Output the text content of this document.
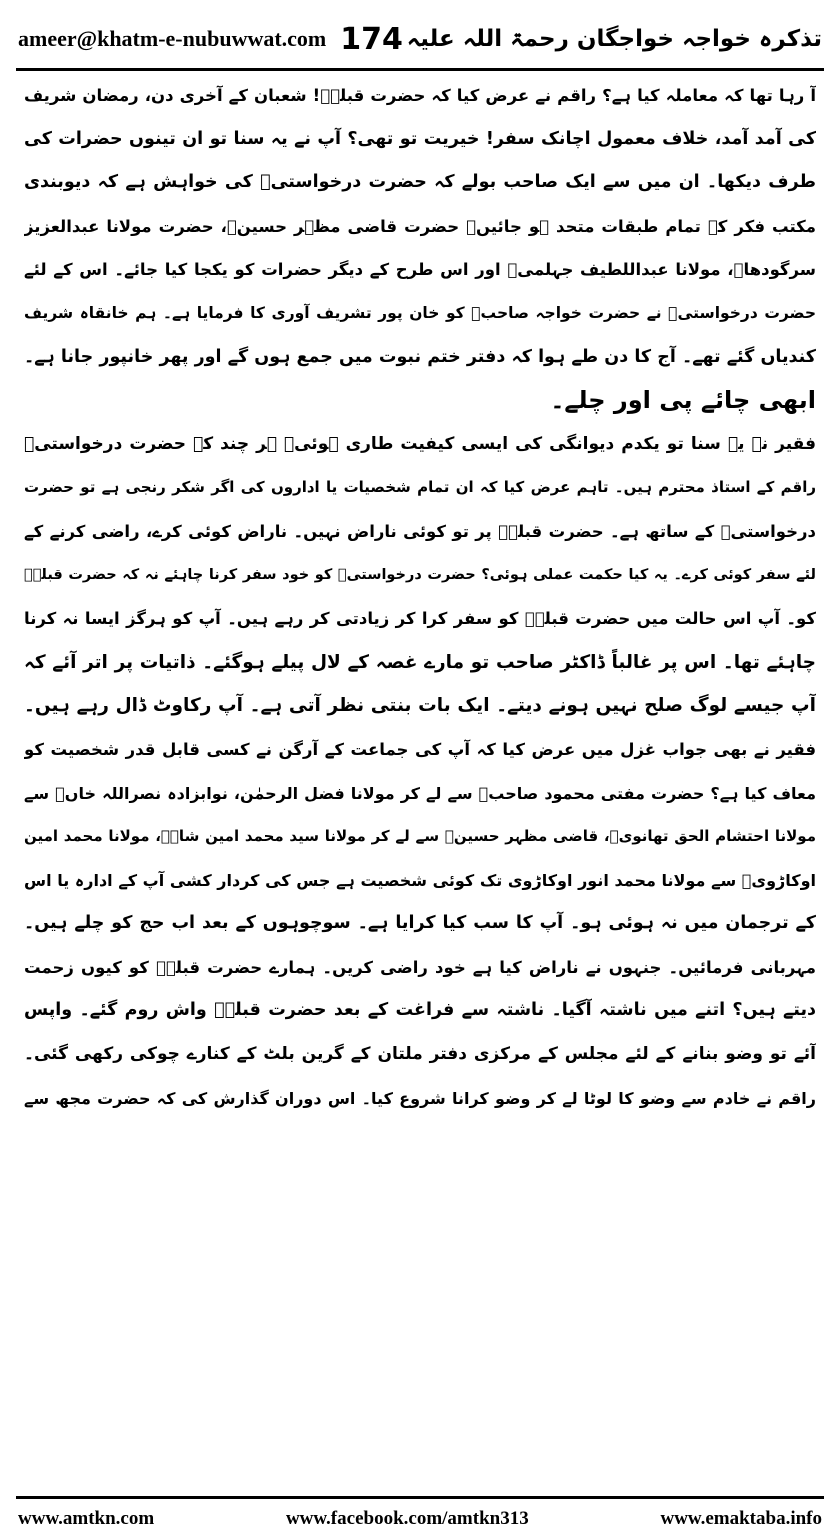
ameer@khatm-e-nubuwwat.com 174 تذکرہ خواجہ خواجگان رحمۃ اللہ علیہ
آ رہا تھا کہ معاملہ کیا ہے؟ راقم نے عرض کیا کہ حضرت قبلہؒ! شعبان کے آخری دن، رمضان شریف
کی آمد آمد، خلاف معمول اچانک سفر! خیریت تو تھی؟ آپ نے یہ سنا تو ان تینوں حضرات کی
طرف دیکھا۔ ان میں سے ایک صاحب بولے کہ حضرت درخواستیؒ کی خواہش ہے کہ دیوبندی
مکتب فکر کے تمام طبقات متحد ہو جائیں۔ حضرت قاضی مظہر حسینؒ، حضرت مولانا عبدالعزیز
سرگودھاؒ، مولانا عبداللطیف جہلمیؒ اور اس طرح کے دیگر حضرات کو یکجا کیا جائے۔ اس کے لئے
حضرت درخواستیؒ نے حضرت خواجہ صاحبؒ کو خان پور تشریف آوری کا فرمایا ہے۔ ہم خانقاہ شریف
کندیاں گئے تھے۔ آج کا دن طے ہوا کہ دفتر ختم نبوت میں جمع ہوں گے اور پھر خانپور جانا ہے۔
ابھی چائے پی اور چلے۔
فقیر نے یہ سنا تو یکدم دیوانگی کی ایسی کیفیت طاری ہوئی۔ ہر چند کہ حضرت درخواستیؒ
راقم کے استاذ محترم ہیں۔ تاہم عرض کیا کہ ان تمام شخصیات یا اداروں کی اگر شکر رنجی ہے تو حضرت
درخواستیؒ کے ساتھ ہے۔ حضرت قبلہؒ پر تو کوئی ناراض نہیں۔ ناراض کوئی کرے، راضی کرنے کے
لئے سفر کوئی کرے۔ یہ کیا حکمت عملی ہوئی؟ حضرت درخواستیؒ کو خود سفر کرنا چاہئے نہ کہ حضرت قبلہؒ
کو۔ آپ اس حالت میں حضرت قبلہؒ کو سفر کرا کر زیادتی کر رہے ہیں۔ آپ کو ہرگز ایسا نہ کرنا
چاہئے تھا۔ اس پر غالباً ڈاکٹر صاحب تو مارے غصہ کے لال پیلے ہوگئے۔ ذاتیات پر اتر آئے کہ
آپ جیسے لوگ صلح نہیں ہونے دیتے۔ ایک بات بنتی نظر آتی ہے۔ آپ رکاوٹ ڈال رہے ہیں۔
فقیر نے بھی جواب غزل میں عرض کیا کہ آپ کی جماعت کے آرگن نے کسی قابل قدر شخصیت کو
معاف کیا ہے؟ حضرت مفتی محمود صاحبؒ سے لے کر مولانا فضل الرحمٰن، نوابزادہ نصراللہ خاںؒ سے
مولانا احتشام الحق تھانویؒ، قاضی مظہر حسینؒ سے لے کر مولانا سید محمد امین شاہؒ، مولانا محمد امین
اوکاڑویؒ سے مولانا محمد انور اوکاڑوی تک کوئی شخصیت ہے جس کی کردار کشی آپ کے ادارہ یا اس
کے ترجمان میں نہ ہوئی ہو۔ آپ کا سب کیا کرایا ہے۔ سوچوہوں کے بعد اب حج کو چلے ہیں۔
مہربانی فرمائیں۔ جنہوں نے ناراض کیا ہے خود راضی کریں۔ ہمارے حضرت قبلہؒ کو کیوں زحمت
دیتے ہیں؟ اتنے میں ناشتہ آگیا۔ ناشتہ سے فراغت کے بعد حضرت قبلہؒ واش روم گئے۔ واپس
آئے تو وضو بنانے کے لئے مجلس کے مرکزی دفتر ملتان کے گرین بلٹ کے کنارے چوکی رکھی گئی۔
راقم نے خادم سے وضو کا لوٹا لے کر وضو کرانا شروع کیا۔ اس دوران گذارش کی کہ حضرت مجھ سے
www.amtkn.com	www.facebook.com/amtkn313	www.emaktaba.info
